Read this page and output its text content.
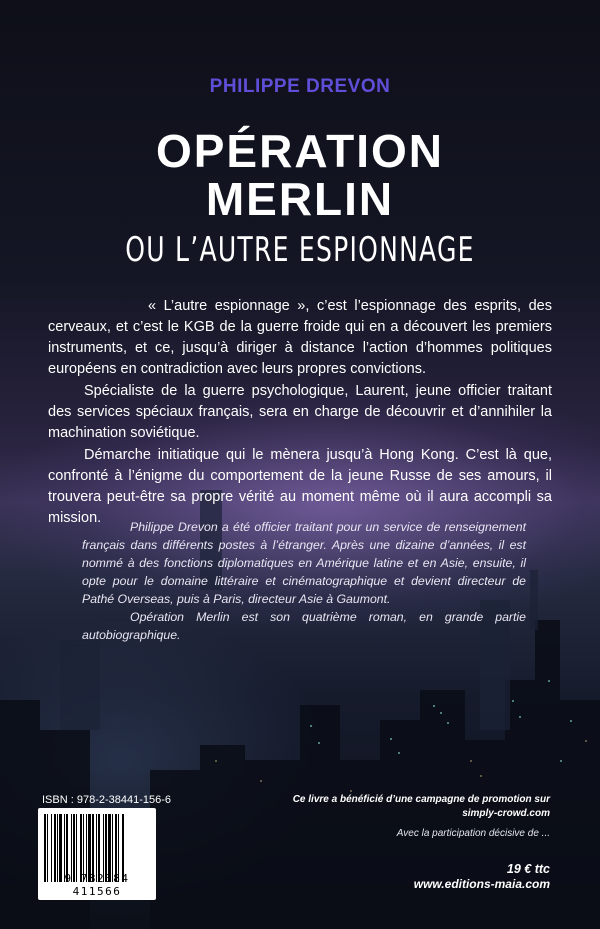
PHILIPPE DREVON
OPÉRATION
MERLIN
OU L’AUTRE ESPIONNAGE

« L’autre espionnage », c’est l’espionnage des esprits, des cerveaux, et c’est le KGB de la guerre froide qui en a découvert les premiers instruments, et ce, jusqu’à diriger à distance l’action d’hommes politiques européens en contradiction avec leurs propres convictions.

Spécialiste de la guerre psychologique, Laurent, jeune officier traitant des services spéciaux français, sera en charge de découvrir et d’annihiler la machination soviétique.

Démarche initiatique qui le mènera jusqu’à Hong Kong. C’est là que, confronté à l’énigme du comportement de la jeune Russe de ses amours, il trouvera peut-être sa propre vérité au moment même où il aura accompli sa mission.

Philippe Drevon a été officier traitant pour un service de renseignement français dans différents postes à l’étranger. Après une dizaine d’années, il est nommé à des fonctions diplomatiques en Amérique latine et en Asie, ensuite, il opte pour le domaine littéraire et cinématographique et devient directeur de Pathé Overseas, puis à Paris, directeur Asie à Gaumont.

Opération Merlin est son quatrième roman, en grande partie autobiographique.

ISBN : 978-2-38441-156-6
9 782384 411566
Ce livre a bénéficié d’une campagne de promotion sur simply-crowd.com
Avec la participation décisive de ...
19 € ttc
www.editions-maia.com
